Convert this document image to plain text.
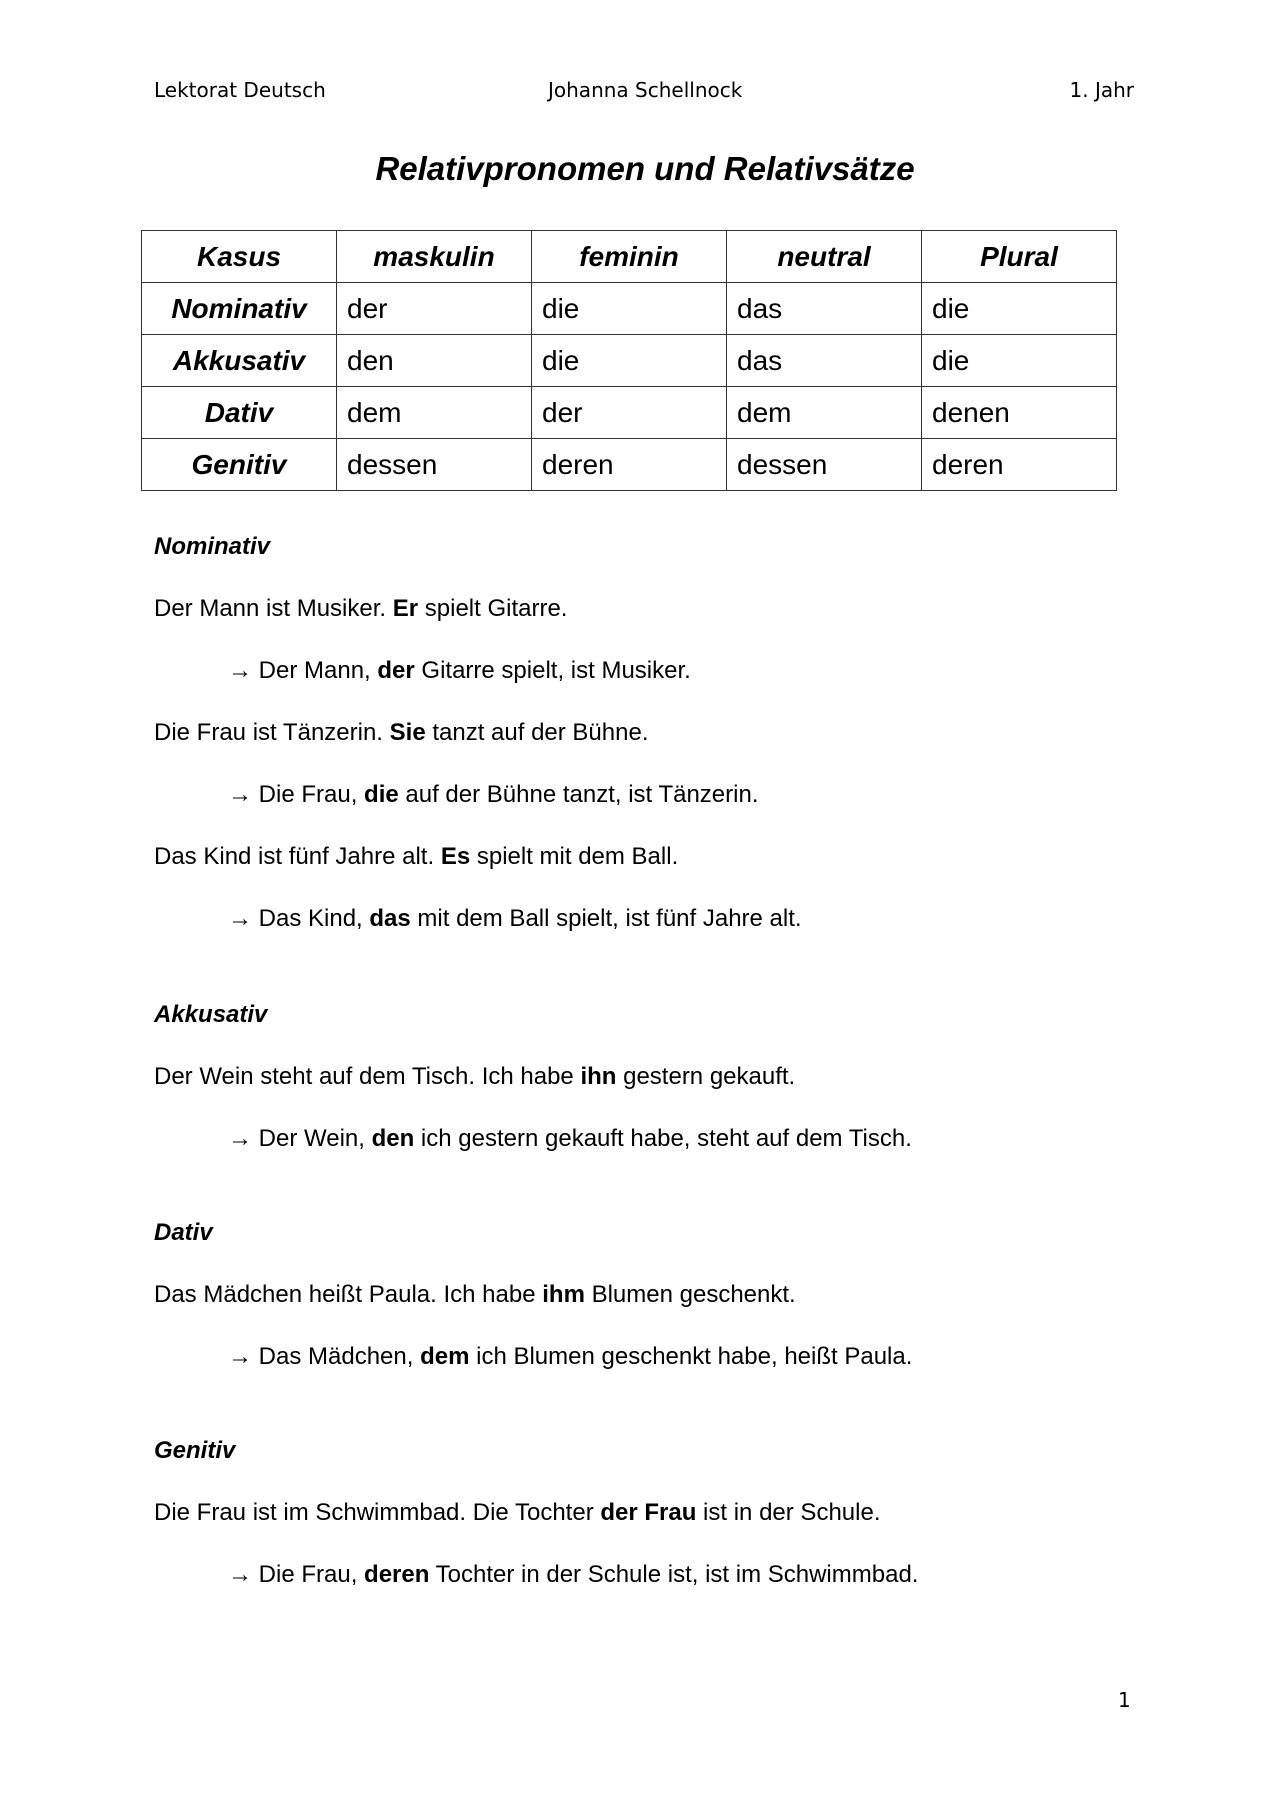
Lektorat Deutsch	Johanna Schellnock	1. Jahr
Relativpronomen und Relativsätze
Kasus	maskulin	feminin	neutral	Plural
Nominativ	der	die	das	die
Akkusativ	den	die	das	die
Dativ	dem	der	dem	denen
Genitiv	dessen	deren	dessen	deren
Nominativ
Der Mann ist Musiker. Er spielt Gitarre.
→ Der Mann, der Gitarre spielt, ist Musiker.
Die Frau ist Tänzerin. Sie tanzt auf der Bühne.
→ Die Frau, die auf der Bühne tanzt, ist Tänzerin.
Das Kind ist fünf Jahre alt. Es spielt mit dem Ball.
→ Das Kind, das mit dem Ball spielt, ist fünf Jahre alt.
Akkusativ
Der Wein steht auf dem Tisch. Ich habe ihn gestern gekauft.
→ Der Wein, den ich gestern gekauft habe, steht auf dem Tisch.
Dativ
Das Mädchen heißt Paula. Ich habe ihm Blumen geschenkt.
→ Das Mädchen, dem ich Blumen geschenkt habe, heißt Paula.
Genitiv
Die Frau ist im Schwimmbad. Die Tochter der Frau ist in der Schule.
→ Die Frau, deren Tochter in der Schule ist, ist im Schwimmbad.
1
